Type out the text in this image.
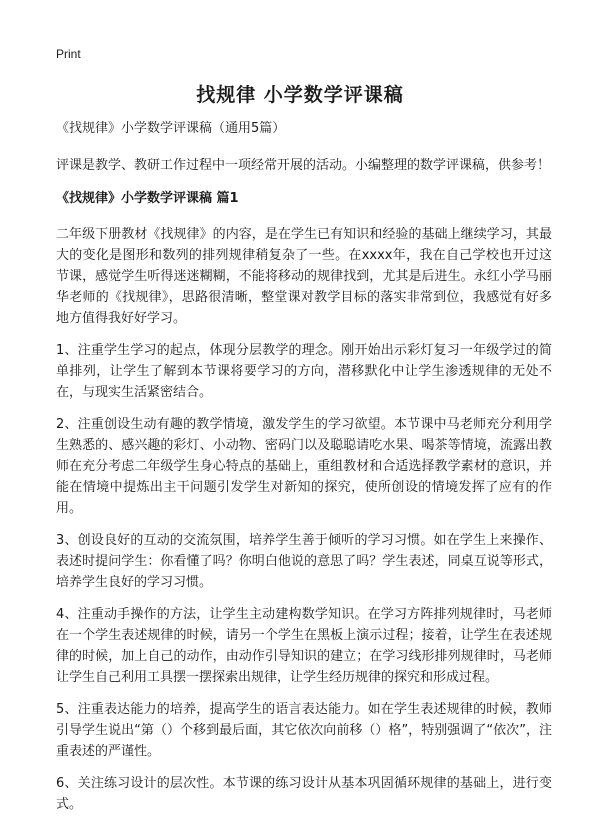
Print
找规律 小学数学评课稿

《找规律》小学数学评课稿（通用5篇）

评课是教学、教研工作过程中一项经常开展的活动。小编整理的数学评课稿，供参考！

《找规律》小学数学评课稿 篇1

二年级下册教材《找规律》的内容，是在学生已有知识和经验的基础上继续学习，其最大的变化是图形和数列的排列规律稍复杂了一些。在xxxx年，我在自己学校也开过这节课，感觉学生听得迷迷糊糊，不能将移动的规律找到，尤其是后进生。永红小学马丽华老师的《找规律》，思路很清晰，整堂课对教学目标的落实非常到位，我感觉有好多地方值得我好好学习。

1、注重学生学习的起点，体现分层教学的理念。刚开始出示彩灯复习一年级学过的简单排列，让学生了解到本节课将要学习的方向，潜移默化中让学生渗透规律的无处不在，与现实生活紧密结合。

2、注重创设生动有趣的教学情境，激发学生的学习欲望。本节课中马老师充分利用学生熟悉的、感兴趣的彩灯、小动物、密码门以及聪聪请吃水果、喝茶等情境，流露出教师在充分考虑二年级学生身心特点的基础上，重组教材和合适选择教学素材的意识，并能在情境中提炼出主干问题引发学生对新知的探究，使所创设的情境发挥了应有的作用。

3、创设良好的互动的交流氛围，培养学生善于倾听的学习习惯。如在学生上来操作、表述时提问学生：你看懂了吗？你明白他说的意思了吗？学生表述，同桌互说等形式，培养学生良好的学习习惯。

4、注重动手操作的方法，让学生主动建构数学知识。在学习方阵排列规律时，马老师在一个学生表述规律的时候，请另一个学生在黑板上演示过程；接着，让学生在表述规律的时候，加上自己的动作，由动作引导知识的建立；在学习线形排列规律时，马老师让学生自己利用工具摆一摆探索出规律，让学生经历规律的探究和形成过程。

5、注重表达能力的培养，提高学生的语言表达能力。如在学生表述规律的时候，教师引导学生说出“第（）个移到最后面，其它依次向前移（）格”，特别强调了“依次”，注重表述的严谨性。

6、关注练习设计的层次性。本节课的练习设计从基本巩固循环规律的基础上，进行变式。
